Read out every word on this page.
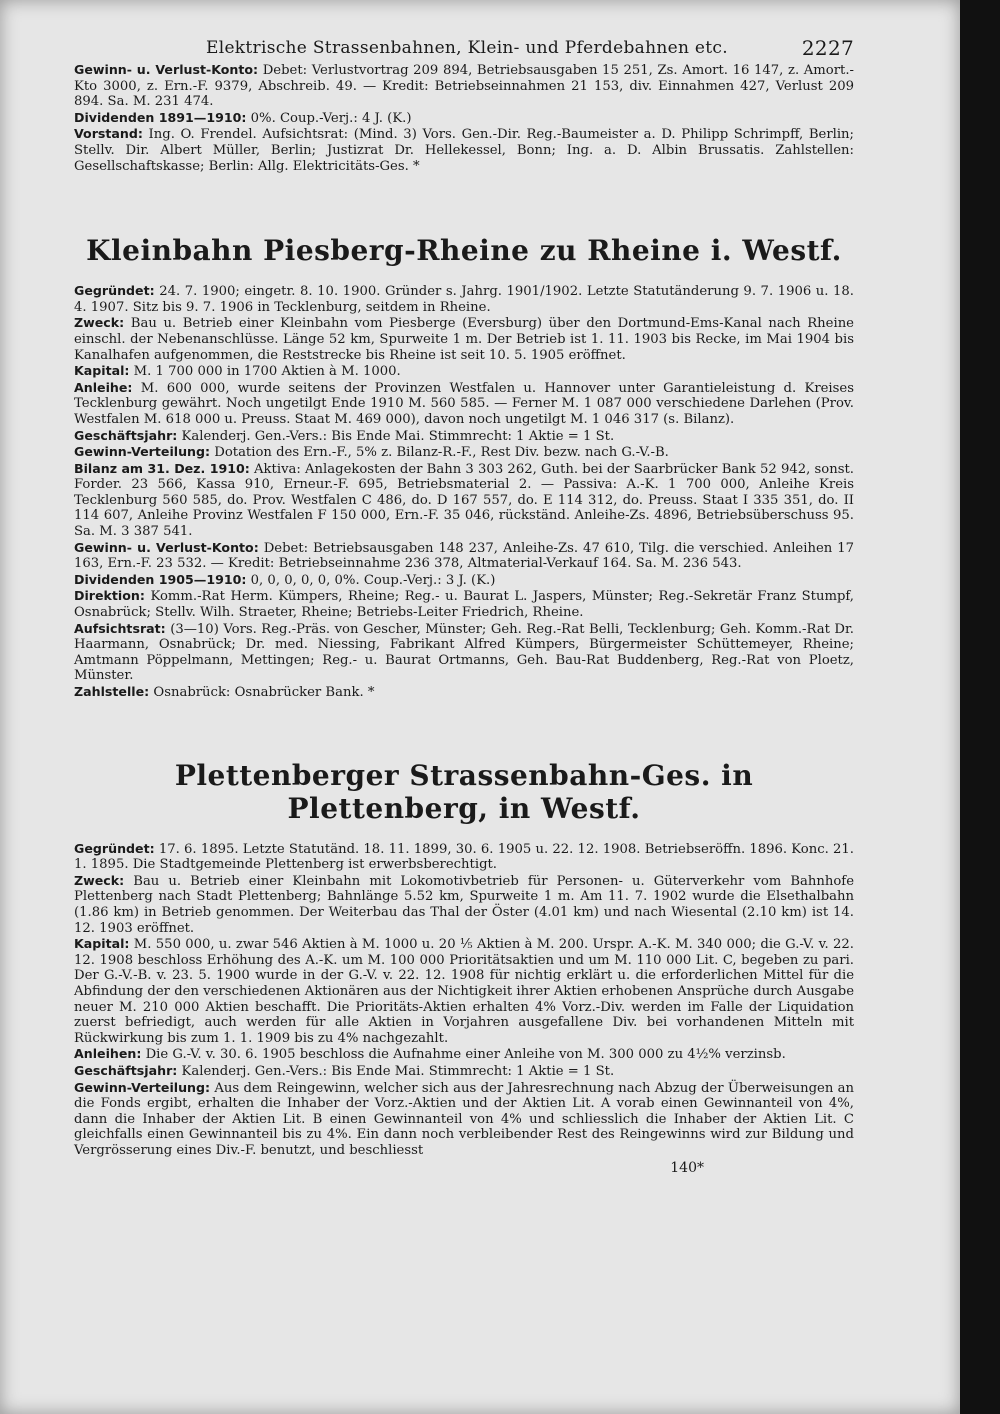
Elektrische Strassenbahnen, Klein- und Pferdebahnen etc.	2227

Gewinn- u. Verlust-Konto: Debet: Verlustvortrag 209 894, Betriebsausgaben 15 251, Zs. Amort. 16 147, z. Amort.-Kto 3000, z. Ern.-F. 9379, Abschreib. 49. — Kredit: Betriebseinnahmen 21 153, div. Einnahmen 427, Verlust 209 894. Sa. M. 231 474.

Dividenden 1891—1910: 0%. Coup.-Verj.: 4 J. (K.)

Vorstand: Ing. O. Frendel. Aufsichtsrat: (Mind. 3) Vors. Gen.-Dir. Reg.-Baumeister a. D. Philipp Schrimpff, Berlin; Stellv. Dir. Albert Müller, Berlin; Justizrat Dr. Hellekessel, Bonn; Ing. a. D. Albin Brussatis. Zahlstellen: Gesellschaftskasse; Berlin: Allg. Elektricitäts-Ges. *

Kleinbahn Piesberg-Rheine zu Rheine i. Westf.

Gegründet: 24. 7. 1900; eingetr. 8. 10. 1900. Gründer s. Jahrg. 1901/1902. Letzte Statutänderung 9. 7. 1906 u. 18. 4. 1907. Sitz bis 9. 7. 1906 in Tecklenburg, seitdem in Rheine.

Zweck: Bau u. Betrieb einer Kleinbahn vom Piesberge (Eversburg) über den Dortmund-Ems-Kanal nach Rheine einschl. der Nebenanschlüsse. Länge 52 km, Spurweite 1 m. Der Betrieb ist 1. 11. 1903 bis Recke, im Mai 1904 bis Kanalhafen aufgenommen, die Reststrecke bis Rheine ist seit 10. 5. 1905 eröffnet.

Kapital: M. 1 700 000 in 1700 Aktien à M. 1000.

Anleihe: M. 600 000, wurde seitens der Provinzen Westfalen u. Hannover unter Garantieleistung d. Kreises Tecklenburg gewährt. Noch ungetilgt Ende 1910 M. 560 585. — Ferner M. 1 087 000 verschiedene Darlehen (Prov. Westfalen M. 618 000 u. Preuss. Staat M. 469 000), davon noch ungetilgt M. 1 046 317 (s. Bilanz).

Geschäftsjahr: Kalenderj. Gen.-Vers.: Bis Ende Mai. Stimmrecht: 1 Aktie = 1 St.

Gewinn-Verteilung: Dotation des Ern.-F., 5% z. Bilanz-R.-F., Rest Div. bezw. nach G.-V.-B.

Bilanz am 31. Dez. 1910: Aktiva: Anlagekosten der Bahn 3 303 262, Guth. bei der Saarbrücker Bank 52 942, sonst. Forder. 23 566, Kassa 910, Erneur.-F. 695, Betriebsmaterial 2. — Passiva: A.-K. 1 700 000, Anleihe Kreis Tecklenburg 560 585, do. Prov. Westfalen C 486, do. D 167 557, do. E 114 312, do. Preuss. Staat I 335 351, do. II 114 607, Anleihe Provinz Westfalen F 150 000, Ern.-F. 35 046, rückständ. Anleihe-Zs. 4896, Betriebsüberschuss 95. Sa. M. 3 387 541.

Gewinn- u. Verlust-Konto: Debet: Betriebsausgaben 148 237, Anleihe-Zs. 47 610, Tilg. die verschied. Anleihen 17 163, Ern.-F. 23 532. — Kredit: Betriebseinnahme 236 378, Altmaterial-Verkauf 164. Sa. M. 236 543.

Dividenden 1905—1910: 0, 0, 0, 0, 0, 0%. Coup.-Verj.: 3 J. (K.)

Direktion: Komm.-Rat Herm. Kümpers, Rheine; Reg.- u. Baurat L. Jaspers, Münster; Reg.-Sekretär Franz Stumpf, Osnabrück; Stellv. Wilh. Straeter, Rheine; Betriebs-Leiter Friedrich, Rheine.

Aufsichtsrat: (3—10) Vors. Reg.-Präs. von Gescher, Münster; Geh. Reg.-Rat Belli, Tecklenburg; Geh. Komm.-Rat Dr. Haarmann, Osnabrück; Dr. med. Niessing, Fabrikant Alfred Kümpers, Bürgermeister Schüttemeyer, Rheine; Amtmann Pöppelmann, Mettingen; Reg.- u. Baurat Ortmanns, Geh. Bau-Rat Buddenberg, Reg.-Rat von Ploetz, Münster.

Zahlstelle: Osnabrück: Osnabrücker Bank. *

Plettenberger Strassenbahn-Ges. in Plettenberg, in Westf.

Gegründet: 17. 6. 1895. Letzte Statutänd. 18. 11. 1899, 30. 6. 1905 u. 22. 12. 1908. Betriebseröffn. 1896. Konc. 21. 1. 1895. Die Stadtgemeinde Plettenberg ist erwerbsberechtigt.

Zweck: Bau u. Betrieb einer Kleinbahn mit Lokomotivbetrieb für Personen- u. Güterverkehr vom Bahnhofe Plettenberg nach Stadt Plettenberg; Bahnlänge 5.52 km, Spurweite 1 m. Am 11. 7. 1902 wurde die Elsethalbahn (1.86 km) in Betrieb genommen. Der Weiterbau das Thal der Öster (4.01 km) und nach Wiesental (2.10 km) ist 14. 12. 1903 eröffnet.

Kapital: M. 550 000, u. zwar 546 Aktien à M. 1000 u. 20 ⅕ Aktien à M. 200. Urspr. A.-K. M. 340 000; die G.-V. v. 22. 12. 1908 beschloss Erhöhung des A.-K. um M. 100 000 Prioritätsaktien und um M. 110 000 Lit. C, begeben zu pari. Der G.-V.-B. v. 23. 5. 1900 wurde in der G.-V. v. 22. 12. 1908 für nichtig erklärt u. die erforderlichen Mittel für die Abfindung der den verschiedenen Aktionären aus der Nichtigkeit ihrer Aktien erhobenen Ansprüche durch Ausgabe neuer M. 210 000 Aktien beschafft. Die Prioritäts-Aktien erhalten 4% Vorz.-Div. werden im Falle der Liquidation zuerst befriedigt, auch werden für alle Aktien in Vorjahren ausgefallene Div. bei vorhandenen Mitteln mit Rückwirkung bis zum 1. 1. 1909 bis zu 4% nachgezahlt.

Anleihen: Die G.-V. v. 30. 6. 1905 beschloss die Aufnahme einer Anleihe von M. 300 000 zu 4½% verzinsb.

Geschäftsjahr: Kalenderj. Gen.-Vers.: Bis Ende Mai. Stimmrecht: 1 Aktie = 1 St.

Gewinn-Verteilung: Aus dem Reingewinn, welcher sich aus der Jahresrechnung nach Abzug der Überweisungen an die Fonds ergibt, erhalten die Inhaber der Vorz.-Aktien und der Aktien Lit. A vorab einen Gewinnanteil von 4%, dann die Inhaber der Aktien Lit. B einen Gewinnanteil von 4% und schliesslich die Inhaber der Aktien Lit. C gleichfalls einen Gewinnanteil bis zu 4%. Ein dann noch verbleibender Rest des Reingewinns wird zur Bildung und Vergrösserung eines Div.-F. benutzt, und beschliesst

140*
